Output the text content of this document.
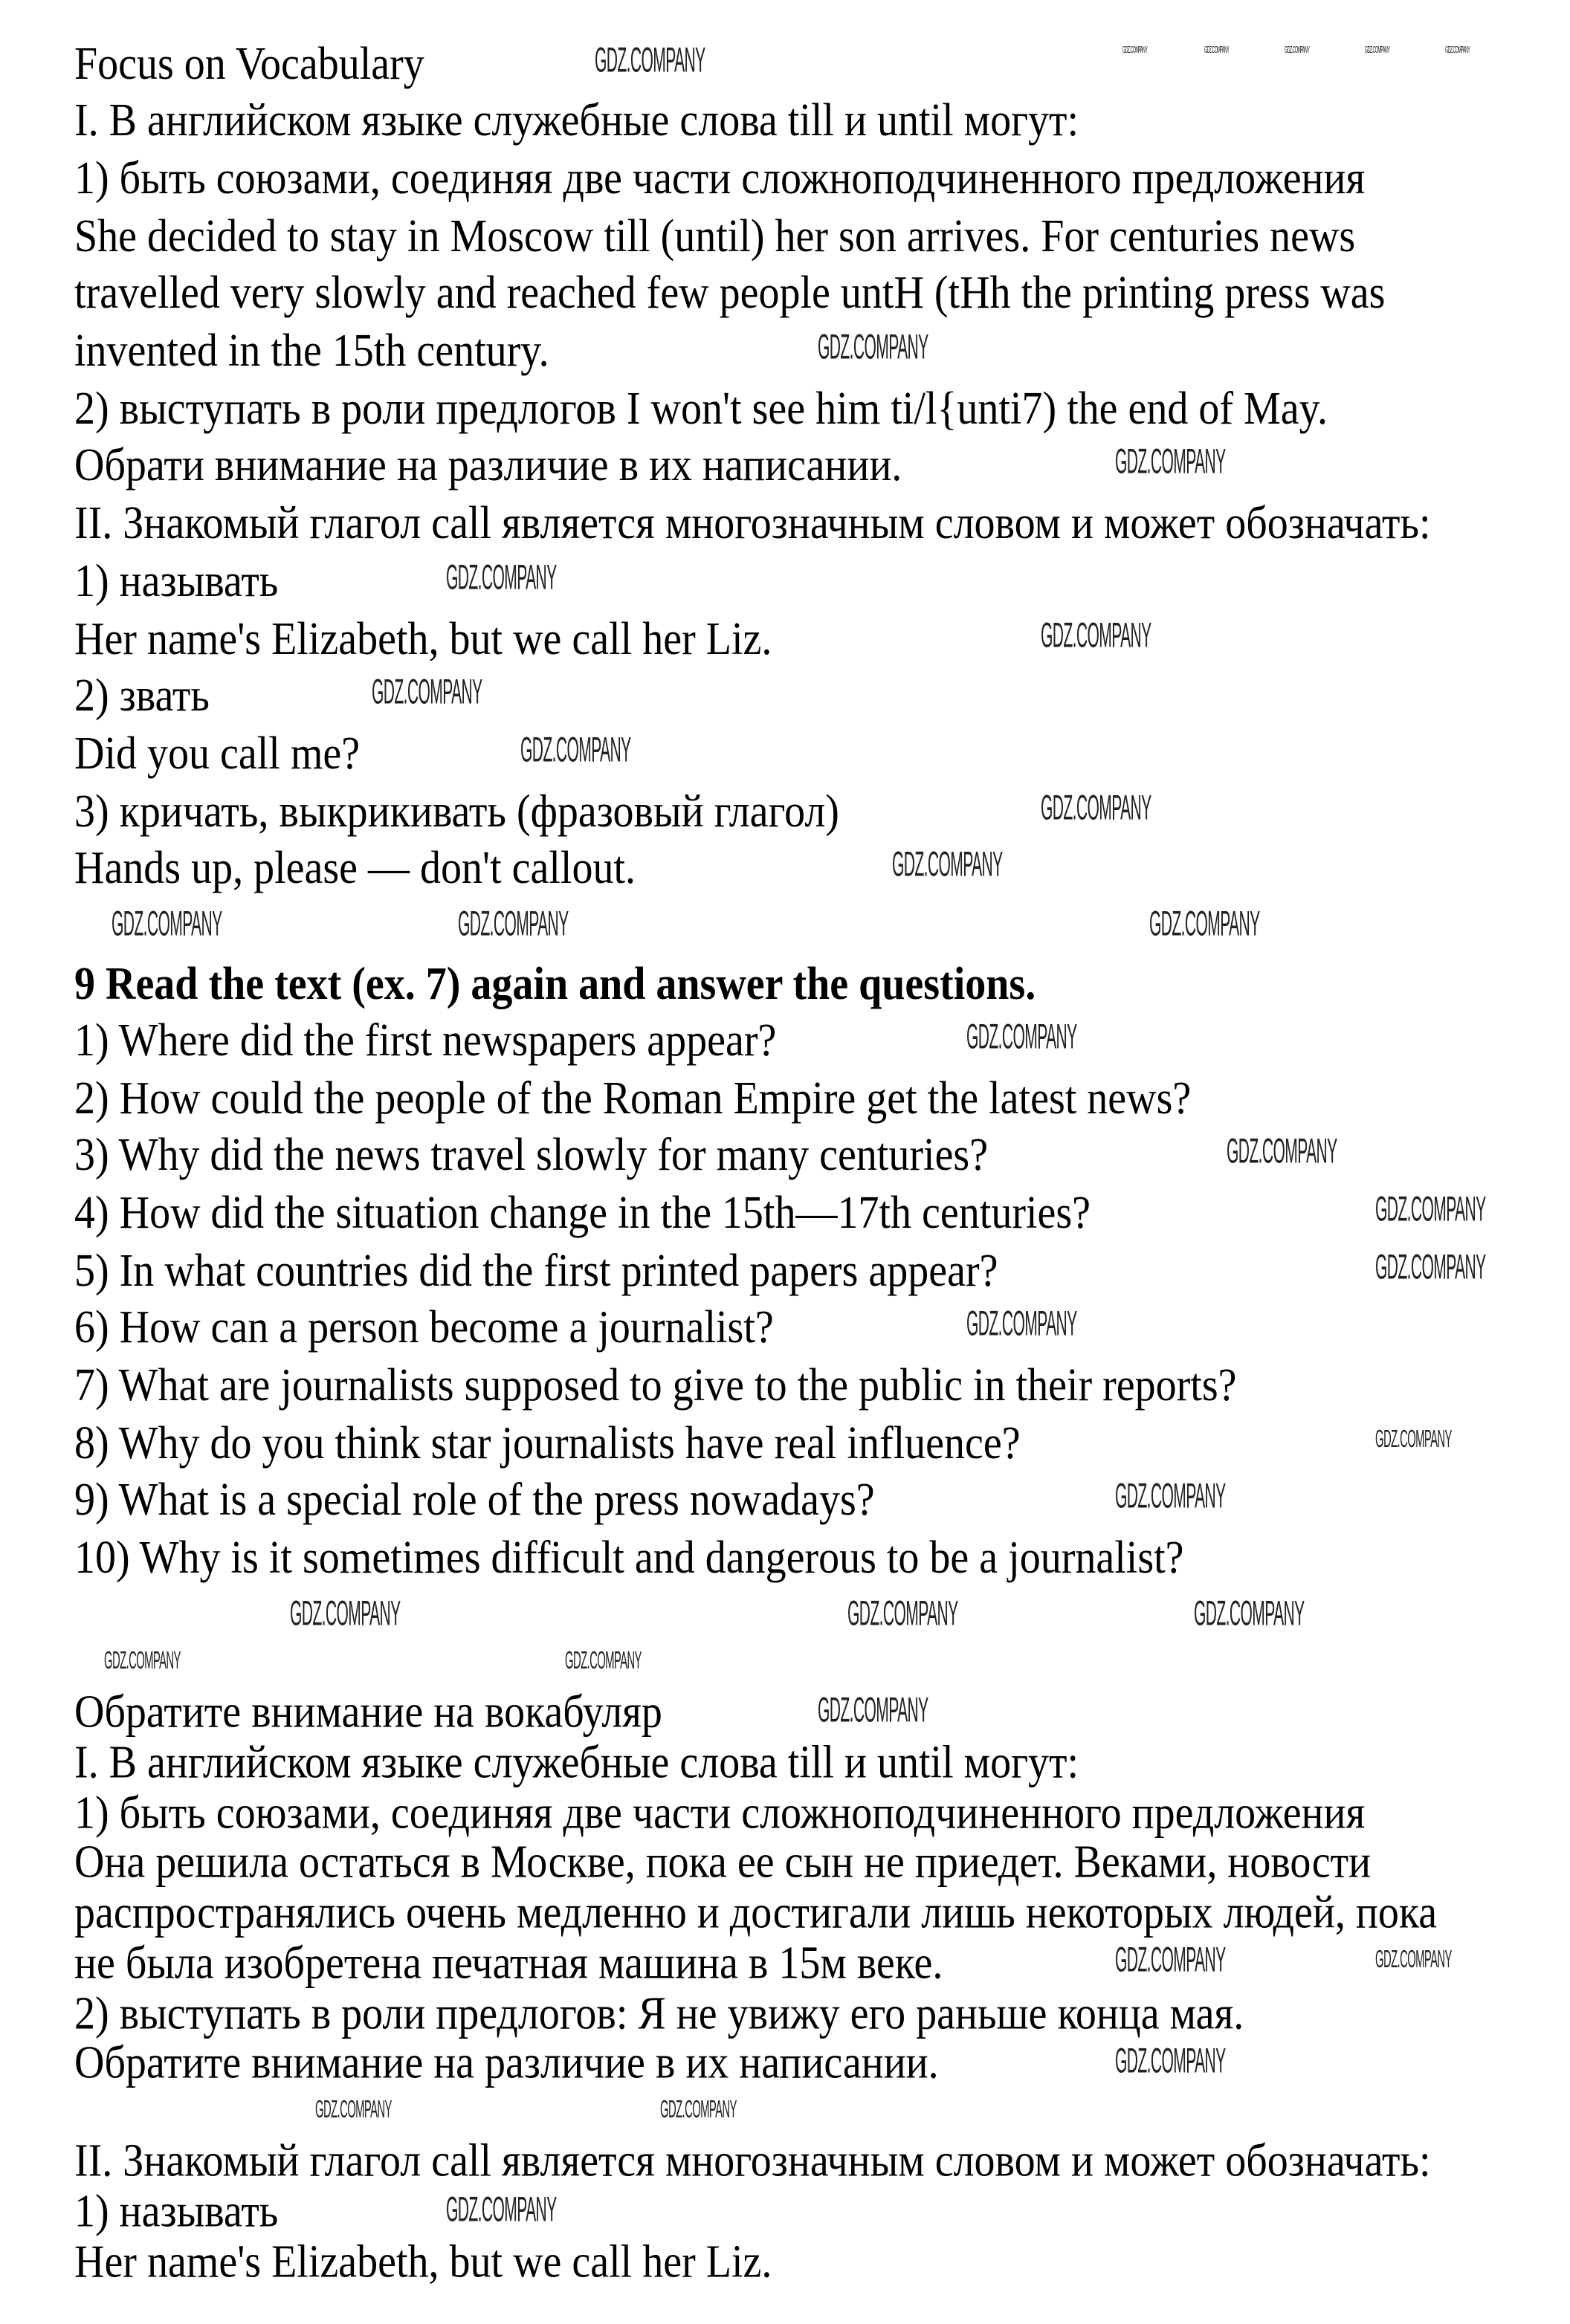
Focus on Vocabulary
I. В английском языке служебные слова till и until могут:
1) быть союзами, соединяя две части сложноподчиненного предложения
She decided to stay in Moscow till (until) her son arrives. For centuries news
travelled very slowly and reached few people untH (tHh the printing press was
invented in the 15th century.
2) выступать в роли предлогов I won't see him ti/l{unti7) the end of May.
Обрати внимание на различие в их написании.
II. Знакомый глагол call является многозначным словом и может обозначать:
1) называть
Her name's Elizabeth, but we call her Liz.
2) звать
Did you call me?
3) кричать, выкрикивать (фразовый глагол)
Hands up, please — don't callout.
9 Read the text (ex. 7) again and answer the questions.
1) Where did the first newspapers appear?
2) How could the people of the Roman Empire get the latest news?
3) Why did the news travel slowly for many centuries?
4) How did the situation change in the 15th—17th centuries?
5) In what countries did the first printed papers appear?
6) How can a person become a journalist?
7) What are journalists supposed to give to the public in their reports?
8) Why do you think star journalists have real influence?
9) What is a special role of the press nowadays?
10) Why is it sometimes difficult and dangerous to be a journalist?
Обратите внимание на вокабуляр
I. В английском языке служебные слова till и until могут:
1) быть союзами, соединяя две части сложноподчиненного предложения
Она решила остаться в Москве, пока ее сын не приедет. Веками, новости
распространялись очень медленно и достигали лишь некоторых людей, пока
не была изобретена печатная машина в 15м веке.
2) выступать в роли предлогов: Я не увижу его раньше конца мая.
Обратите внимание на различие в их написании.
II. Знакомый глагол call является многозначным словом и может обозначать:
1) называть
Her name's Elizabeth, but we call her Liz.
GDZ.COMPANY
GDZ.COMPANY
GDZ.COMPANY
GDZ.COMPANY
GDZ.COMPANY
GDZ.COMPANY
GDZ.COMPANY
GDZ.COMPANY
GDZ.COMPANY
GDZ.COMPANY	GDZ.COMPANY	GDZ.COMPANY
GDZ.COMPANY
GDZ.COMPANY
GDZ.COMPANY
GDZ.COMPANY
GDZ.COMPANY
GDZ.COMPANY
GDZ.COMPANY
GDZ.COMPANY	GDZ.COMPANY	GDZ.COMPANY
GDZ.COMPANY	GDZ.COMPANY
GDZ.COMPANY
GDZ.COMPANY	GDZ.COMPANY
GDZ.COMPANY
GDZ.COMPANY	GDZ.COMPANY
GDZ.COMPANY
GDZ.COMPANY	GDZ.COMPANY	GDZ.COMPANY	GDZ.COMPANY	GDZ.COMPANY
